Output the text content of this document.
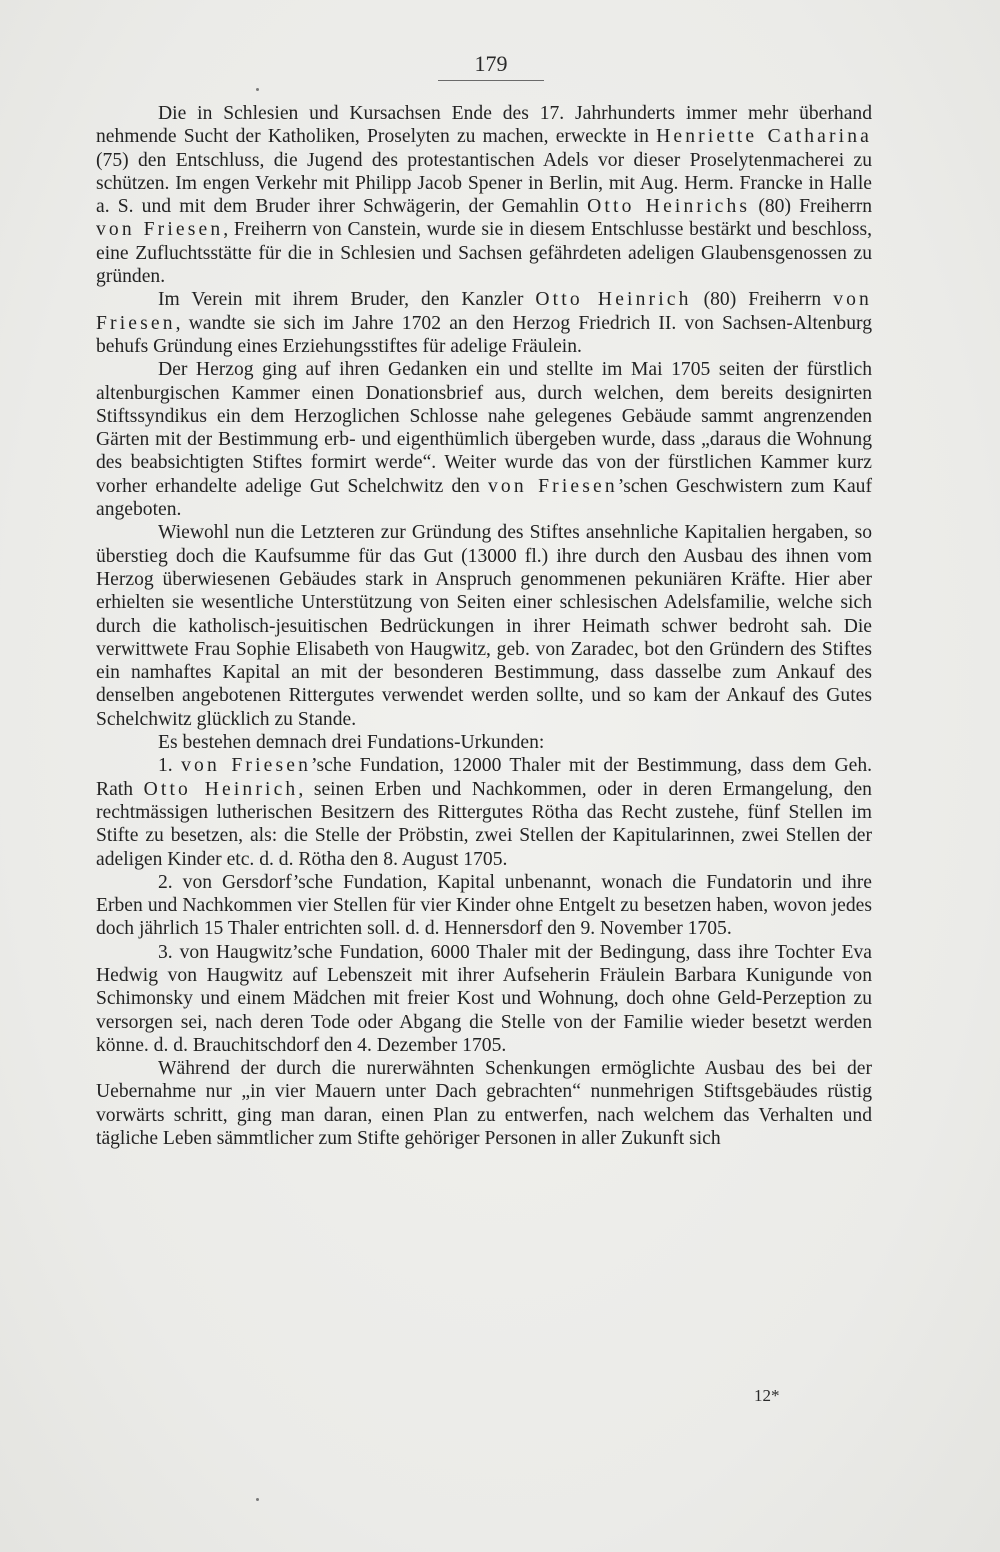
179

Die in Schlesien und Kursachsen Ende des 17. Jahrhunderts immer mehr überhand nehmende Sucht der Katholiken, Proselyten zu machen, erweckte in Henriette Catharina (75) den Entschluss, die Jugend des protestantischen Adels vor dieser Proselytenmacherei zu schützen. Im engen Verkehr mit Philipp Jacob Spener in Berlin, mit Aug. Herm. Francke in Halle a. S. und mit dem Bruder ihrer Schwägerin, der Gemahlin Otto Heinrichs (80) Freiherrn von Friesen, Freiherrn von Canstein, wurde sie in diesem Entschlusse bestärkt und beschloss, eine Zufluchtsstätte für die in Schlesien und Sachsen gefährdeten adeligen Glaubensgenossen zu gründen.

Im Verein mit ihrem Bruder, den Kanzler Otto Heinrich (80) Freiherrn von Friesen, wandte sie sich im Jahre 1702 an den Herzog Friedrich II. von Sachsen-Altenburg behufs Gründung eines Erziehungsstiftes für adelige Fräulein.

Der Herzog ging auf ihren Gedanken ein und stellte im Mai 1705 seiten der fürstlich altenburgischen Kammer einen Donationsbrief aus, durch welchen, dem bereits designirten Stiftssyndikus ein dem Herzoglichen Schlosse nahe gelegenes Gebäude sammt angrenzenden Gärten mit der Bestimmung erb- und eigenthümlich übergeben wurde, dass „daraus die Wohnung des beabsichtigten Stiftes formirt werde“. Weiter wurde das von der fürstlichen Kammer kurz vorher erhandelte adelige Gut Schelchwitz den von Friesen’schen Geschwistern zum Kauf angeboten.

Wiewohl nun die Letzteren zur Gründung des Stiftes ansehnliche Kapitalien hergaben, so überstieg doch die Kaufsumme für das Gut (13000 fl.) ihre durch den Ausbau des ihnen vom Herzog überwiesenen Gebäudes stark in Anspruch genommenen pekuniären Kräfte. Hier aber erhielten sie wesentliche Unterstützung von Seiten einer schlesischen Adelsfamilie, welche sich durch die katholisch-jesuitischen Bedrückungen in ihrer Heimath schwer bedroht sah. Die verwittwete Frau Sophie Elisabeth von Haugwitz, geb. von Zaradec, bot den Gründern des Stiftes ein namhaftes Kapital an mit der besonderen Bestimmung, dass dasselbe zum Ankauf des denselben angebotenen Rittergutes verwendet werden sollte, und so kam der Ankauf des Gutes Schelchwitz glücklich zu Stande.

Es bestehen demnach drei Fundations-Urkunden:

1. von Friesen’sche Fundation, 12000 Thaler mit der Bestimmung, dass dem Geh. Rath Otto Heinrich, seinen Erben und Nachkommen, oder in deren Ermangelung, den rechtmässigen lutherischen Besitzern des Rittergutes Rötha das Recht zustehe, fünf Stellen im Stifte zu besetzen, als: die Stelle der Pröbstin, zwei Stellen der Kapitularinnen, zwei Stellen der adeligen Kinder etc. d. d. Rötha den 8. August 1705.

2. von Gersdorf’sche Fundation, Kapital unbenannt, wonach die Fundatorin und ihre Erben und Nachkommen vier Stellen für vier Kinder ohne Entgelt zu besetzen haben, wovon jedes doch jährlich 15 Thaler entrichten soll. d. d. Hennersdorf den 9. November 1705.

3. von Haugwitz’sche Fundation, 6000 Thaler mit der Bedingung, dass ihre Tochter Eva Hedwig von Haugwitz auf Lebenszeit mit ihrer Aufseherin Fräulein Barbara Kunigunde von Schimonsky und einem Mädchen mit freier Kost und Wohnung, doch ohne Geld-Perzeption zu versorgen sei, nach deren Tode oder Abgang die Stelle von der Familie wieder besetzt werden könne. d. d. Brauchitschdorf den 4. Dezember 1705.

Während der durch die nurerwähnten Schenkungen ermöglichte Ausbau des bei der Uebernahme nur „in vier Mauern unter Dach gebrachten“ nunmehrigen Stiftsgebäudes rüstig vorwärts schritt, ging man daran, einen Plan zu entwerfen, nach welchem das Verhalten und tägliche Leben sämmtlicher zum Stifte gehöriger Personen in aller Zukunft sich

12*
